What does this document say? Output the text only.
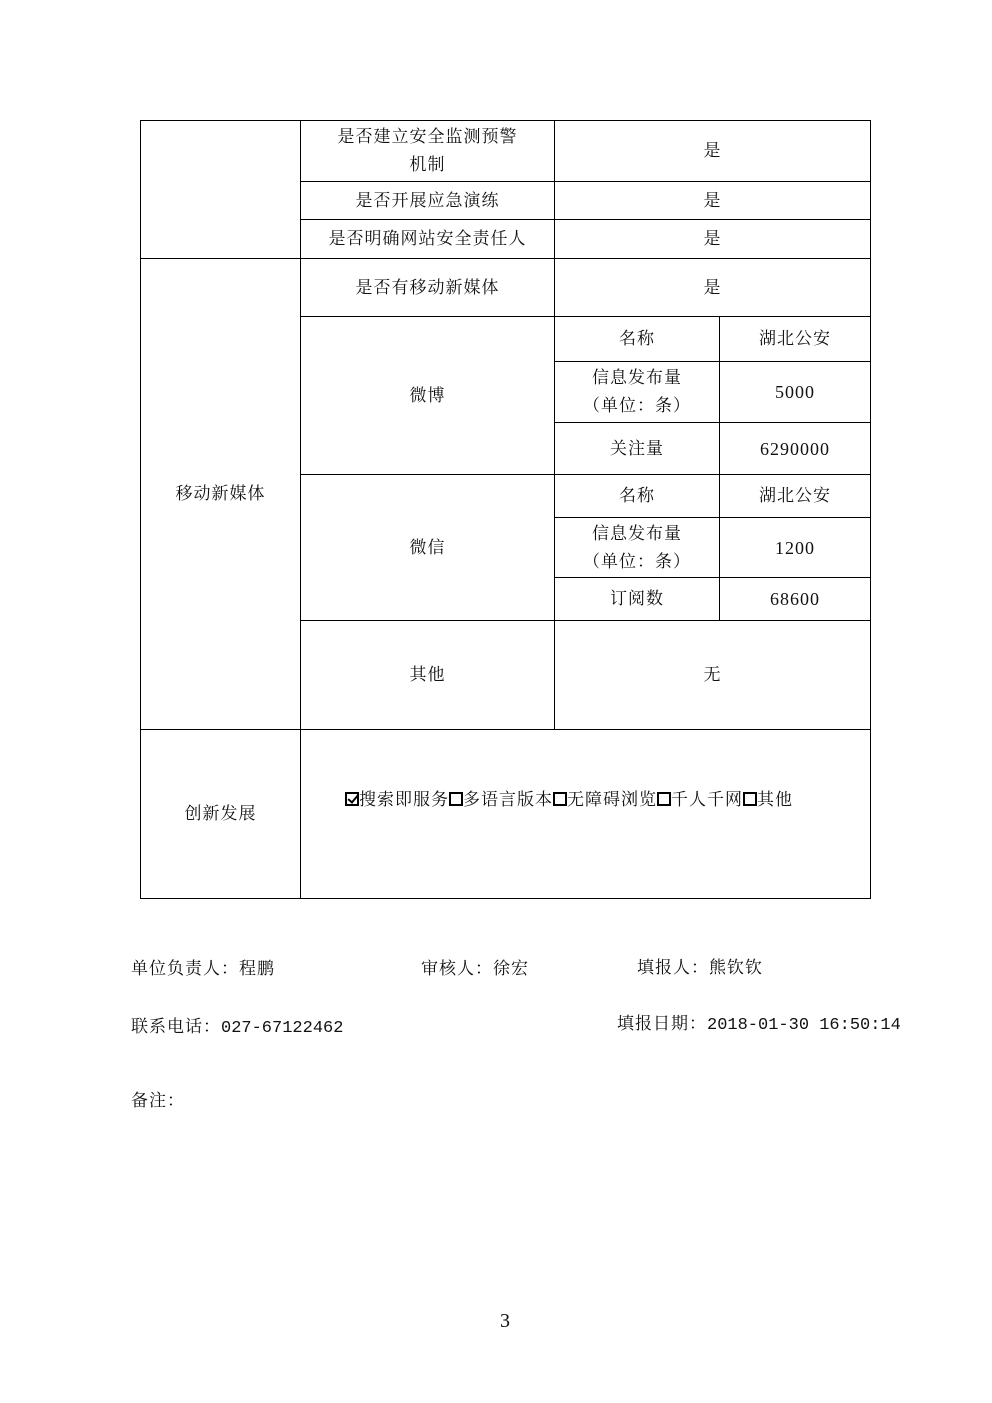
	是否建立安全监测预警
机制	是	
	是否开展应急演练	是	
	是否明确网站安全责任人	是	
移动新媒体	是否有移动新媒体	是	
	微博	名称	湖北公安
		信息发布量
（单位：条）	5000
		关注量	6290000
	微信	名称	湖北公安
		信息发布量
（单位：条）	1200
		订阅数	68600
	其他	无	
创新发展	搜索即服务 多语言版本 无障碍浏览 千人千网 其他		
单位负责人：程鹏	审核人：徐宏	填报人：熊钦钦
联系电话：027-67122462	填报日期：2018-01-30 16:50:14
备注：
3
